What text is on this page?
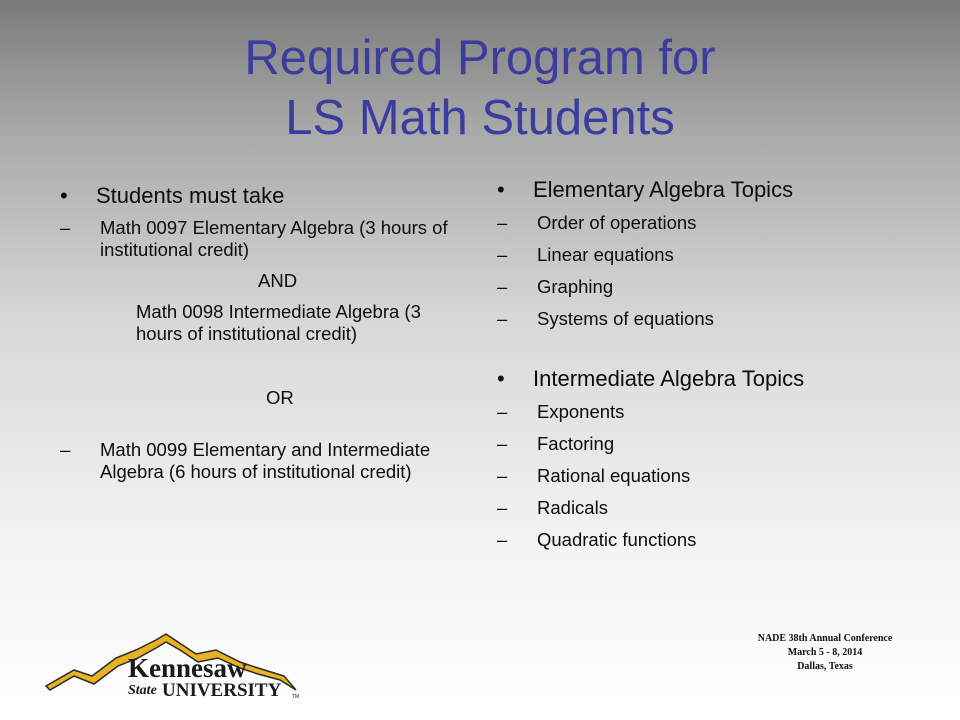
Required Program for
LS Math Students
• Students must take
– Math 0097 Elementary Algebra (3 hours of institutional credit)
AND
Math 0098 Intermediate Algebra (3 hours of institutional credit)
OR
– Math 0099 Elementary and Intermediate Algebra (6 hours of institutional credit)
• Elementary Algebra Topics
– Order of operations
– Linear equations
– Graphing
– Systems of equations
• Intermediate Algebra Topics
– Exponents
– Factoring
– Rational equations
– Radicals
– Quadratic functions
Kennesaw
State UNIVERSITY TM
NADE 38th Annual Conference
March 5 - 8, 2014
Dallas, Texas
